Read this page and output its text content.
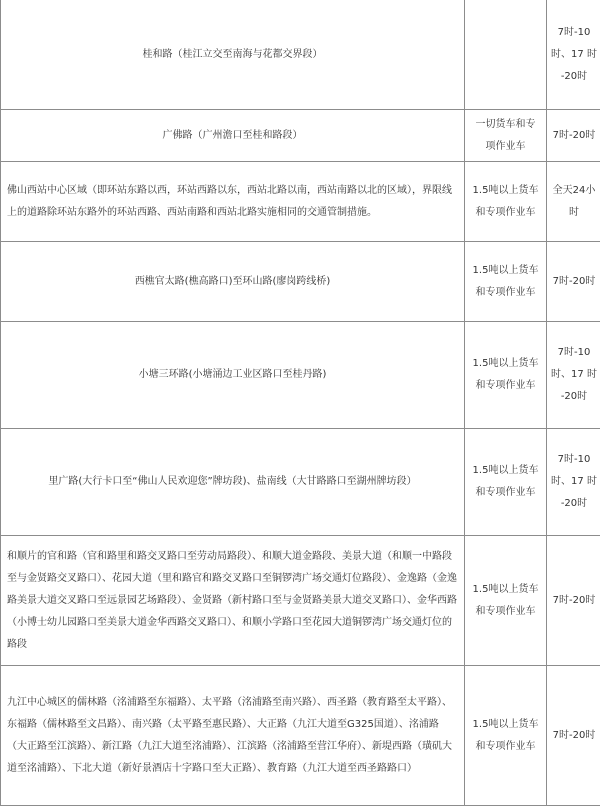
桂和路（桂江立交至南海与花都交界段）		7时-10时、17 时 -20时
广佛路（广州澹口至桂和路段）	一切货车和专项作业车	7时-20时
佛山西站中心区域（即环站东路以西，环站西路以东，西站北路以南，西站南路以北的区域），界限线上的道路除环站东路外的环站西路、西站南路和西站北路实施相同的交通管制措施。	1.5吨以上货车和专项作业车	全天24小时
西樵官太路(樵高路口)至环山路(廖岗跨线桥)	1.5吨以上货车和专项作业车	7时-20时
小塘三环路(小塘涌边工业区路口至桂丹路)	1.5吨以上货车和专项作业车	7时-10时、17 时 -20时
里广路(大行卡口至“佛山人民欢迎您”牌坊段)、盐南线（大甘路路口至湖州牌坊段）	1.5吨以上货车和专项作业车	7时-10时、17 时 -20时
和顺片的官和路（官和路里和路交叉路口至劳动局路段）、和顺大道金路段、美景大道（和顺一中路段至与金贤路交叉路口）、花园大道（里和路官和路交叉路口至铜锣湾广场交通灯位路段）、金逸路（金逸路美景大道交叉路口至远景园艺场路段）、金贤路（新村路口至与金贤路美景大道交叉路口）、金华西路（小博士幼儿园路口至美景大道金华西路交叉路口）、和顺小学路口至花园大道铜锣湾广场交通灯位的路段	1.5吨以上货车和专项作业车	7时-20时
九江中心城区的儒林路（洺浦路至东福路）、太平路（洺浦路至南兴路）、西圣路（教育路至太平路）、东福路（儒林路至文昌路）、南兴路（太平路至惠民路）、大正路（九江大道至G325国道）、洺浦路（大正路至江滨路）、新江路（九江大道至洺浦路）、江滨路（洺浦路至营江华府）、新堤西路（璜矶大道至洺浦路）、下北大道（新好景酒店十字路口至大正路）、教育路（九江大道至西圣路路口）	1.5吨以上货车和专项作业车	7时-20时
